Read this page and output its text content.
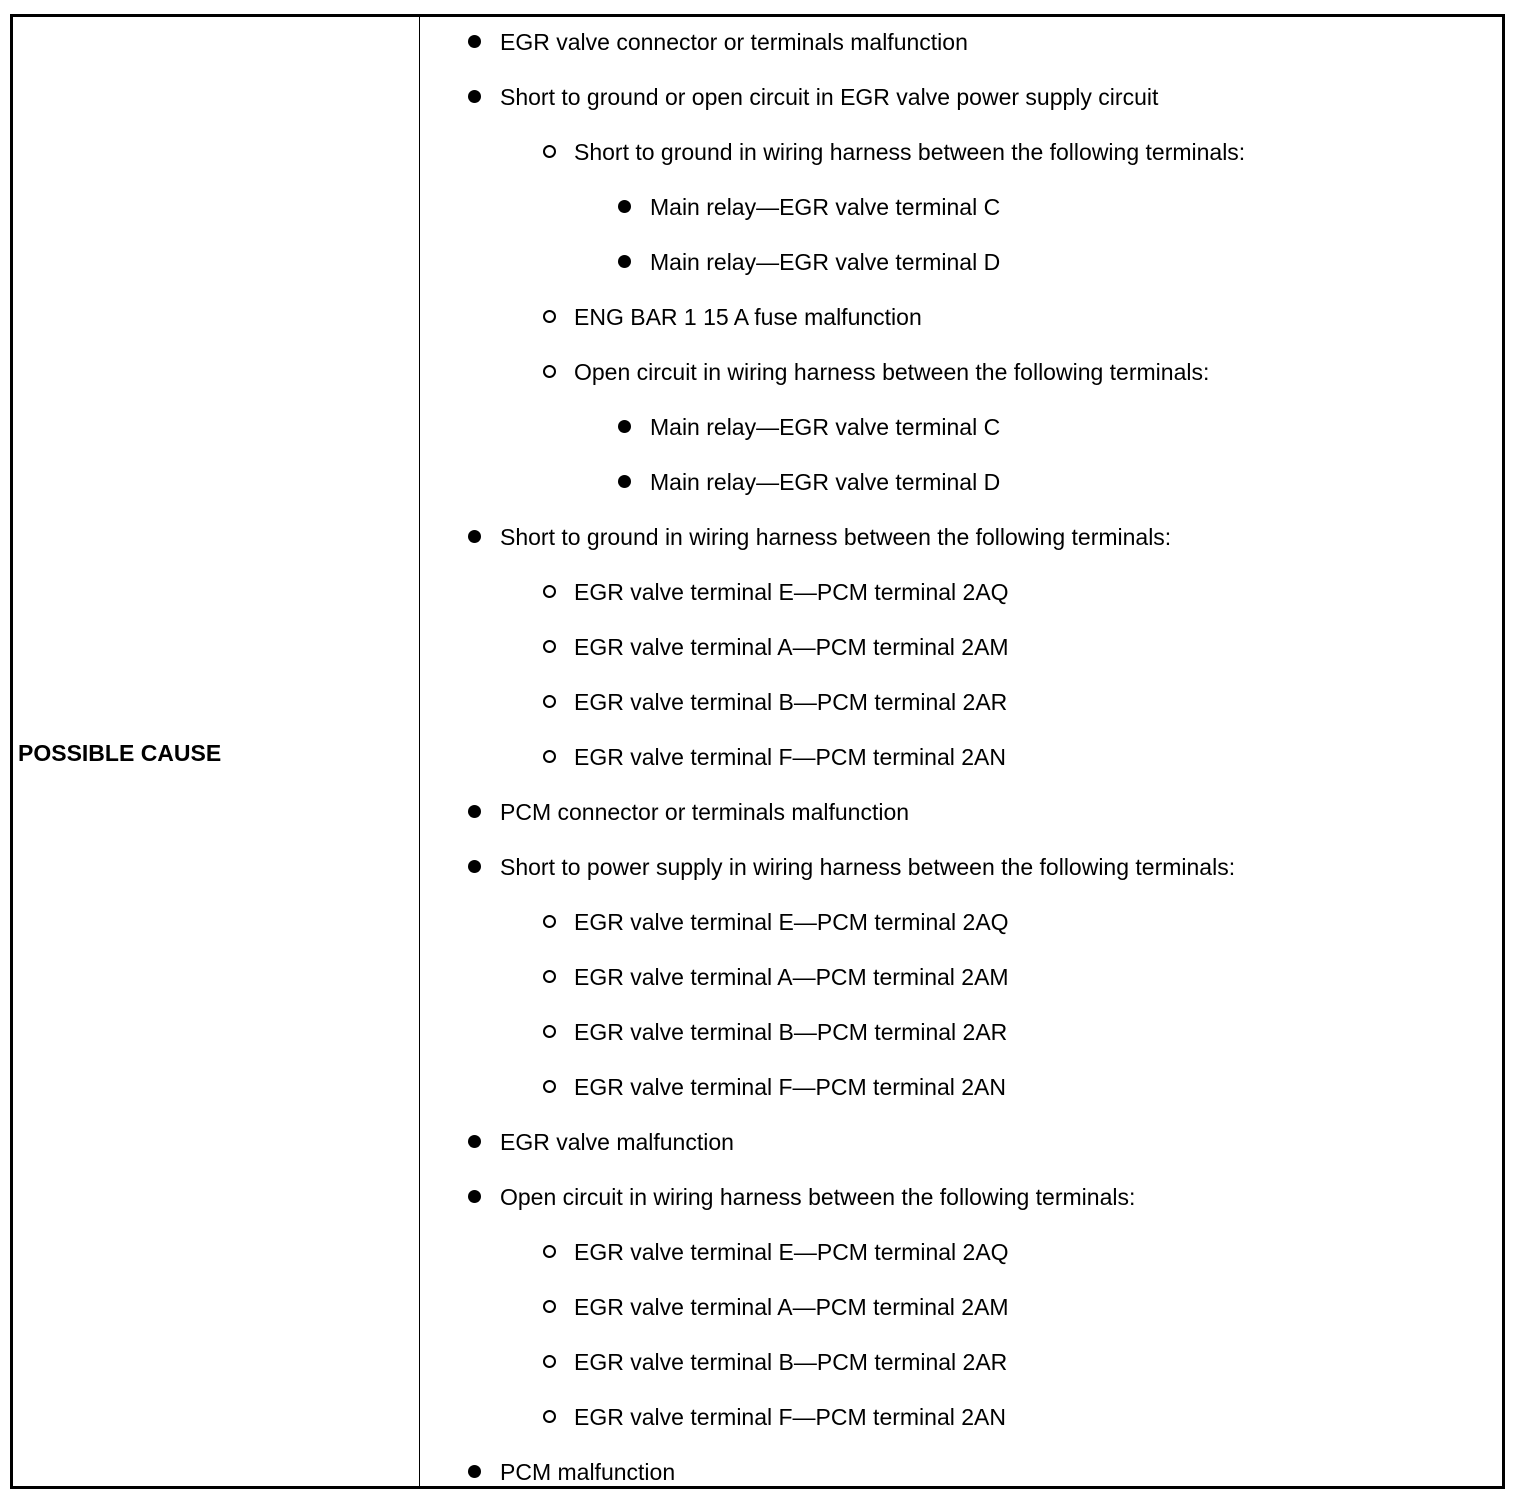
POSSIBLE CAUSE
EGR valve connector or terminals malfunction
Short to ground or open circuit in EGR valve power supply circuit
Short to ground in wiring harness between the following terminals:
Main relay—EGR valve terminal C
Main relay—EGR valve terminal D
ENG BAR 1 15 A fuse malfunction
Open circuit in wiring harness between the following terminals:
Main relay—EGR valve terminal C
Main relay—EGR valve terminal D
Short to ground in wiring harness between the following terminals:
EGR valve terminal E—PCM terminal 2AQ
EGR valve terminal A—PCM terminal 2AM
EGR valve terminal B—PCM terminal 2AR
EGR valve terminal F—PCM terminal 2AN
PCM connector or terminals malfunction
Short to power supply in wiring harness between the following terminals:
EGR valve terminal E—PCM terminal 2AQ
EGR valve terminal A—PCM terminal 2AM
EGR valve terminal B—PCM terminal 2AR
EGR valve terminal F—PCM terminal 2AN
EGR valve malfunction
Open circuit in wiring harness between the following terminals:
EGR valve terminal E—PCM terminal 2AQ
EGR valve terminal A—PCM terminal 2AM
EGR valve terminal B—PCM terminal 2AR
EGR valve terminal F—PCM terminal 2AN
PCM malfunction
